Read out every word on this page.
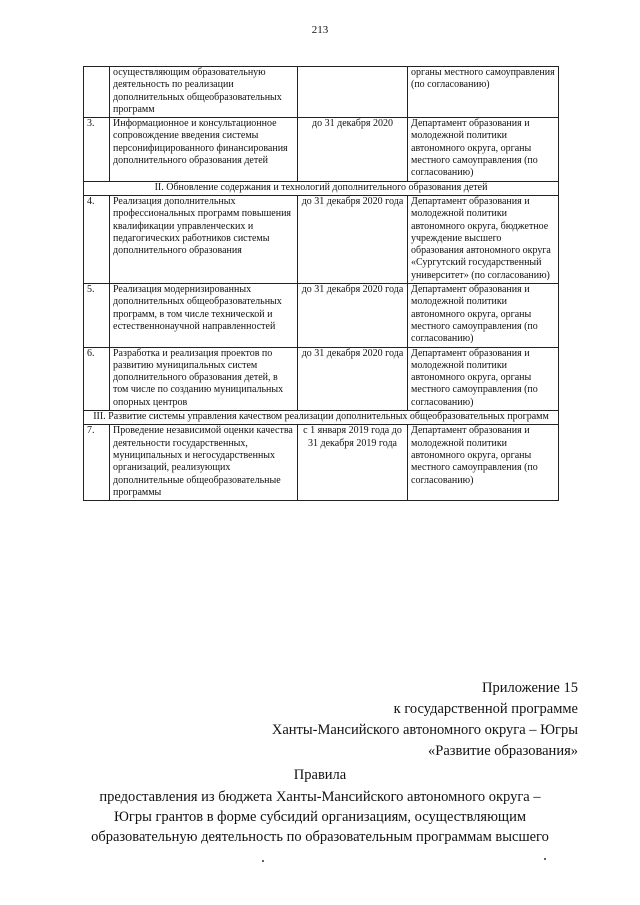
213
	осуществляющим образовательную деятельность по реализации дополнительных общеобразовательных программ		органы местного самоуправления (по согласованию)
3.	Информационное и консультационное сопровождение введения системы персонифицированного финансирования дополнительного образования детей	до 31 декабря 2020	Департамент образования и молодежной политики автономного округа, органы местного самоуправления (по согласованию)
II. Обновление содержания и технологий дополнительного образования детей			
4.	Реализация дополнительных профессиональных программ повышения квалификации управленческих и педагогических работников системы дополнительного образования	до 31 декабря 2020 года	Департамент образования и молодежной политики автономного округа, бюджетное учреждение высшего образования автономного округа «Сургутский государственный университет» (по согласованию)
5.	Реализация модернизированных дополнительных общеобразовательных программ, в том числе технической и естественнонаучной направленностей	до 31 декабря 2020 года	Департамент образования и молодежной политики автономного округа, органы местного самоуправления (по согласованию)
6.	Разработка и реализация проектов по развитию муниципальных систем дополнительного образования детей, в том числе по созданию муниципальных опорных центров	до 31 декабря 2020 года	Департамент образования и молодежной политики автономного округа, органы местного самоуправления (по согласованию)
III. Развитие системы управления качеством реализации дополнительных общеобразовательных программ			
7.	Проведение независимой оценки качества деятельности государственных, муниципальных и негосударственных организаций, реализующих дополнительные общеобразовательные программы	с 1 января 2019 года до 31 декабря 2019 года	Департамент образования и молодежной политики автономного округа, органы местного самоуправления (по согласованию)
Приложение 15
к государственной программе
Ханты-Мансийского автономного округа – Югры
«Развитие образования»
Правила
предоставления из бюджета Ханты-Мансийского автономного округа –
Югры грантов в форме субсидий организациям, осуществляющим
образовательную деятельность по образовательным программам высшего
